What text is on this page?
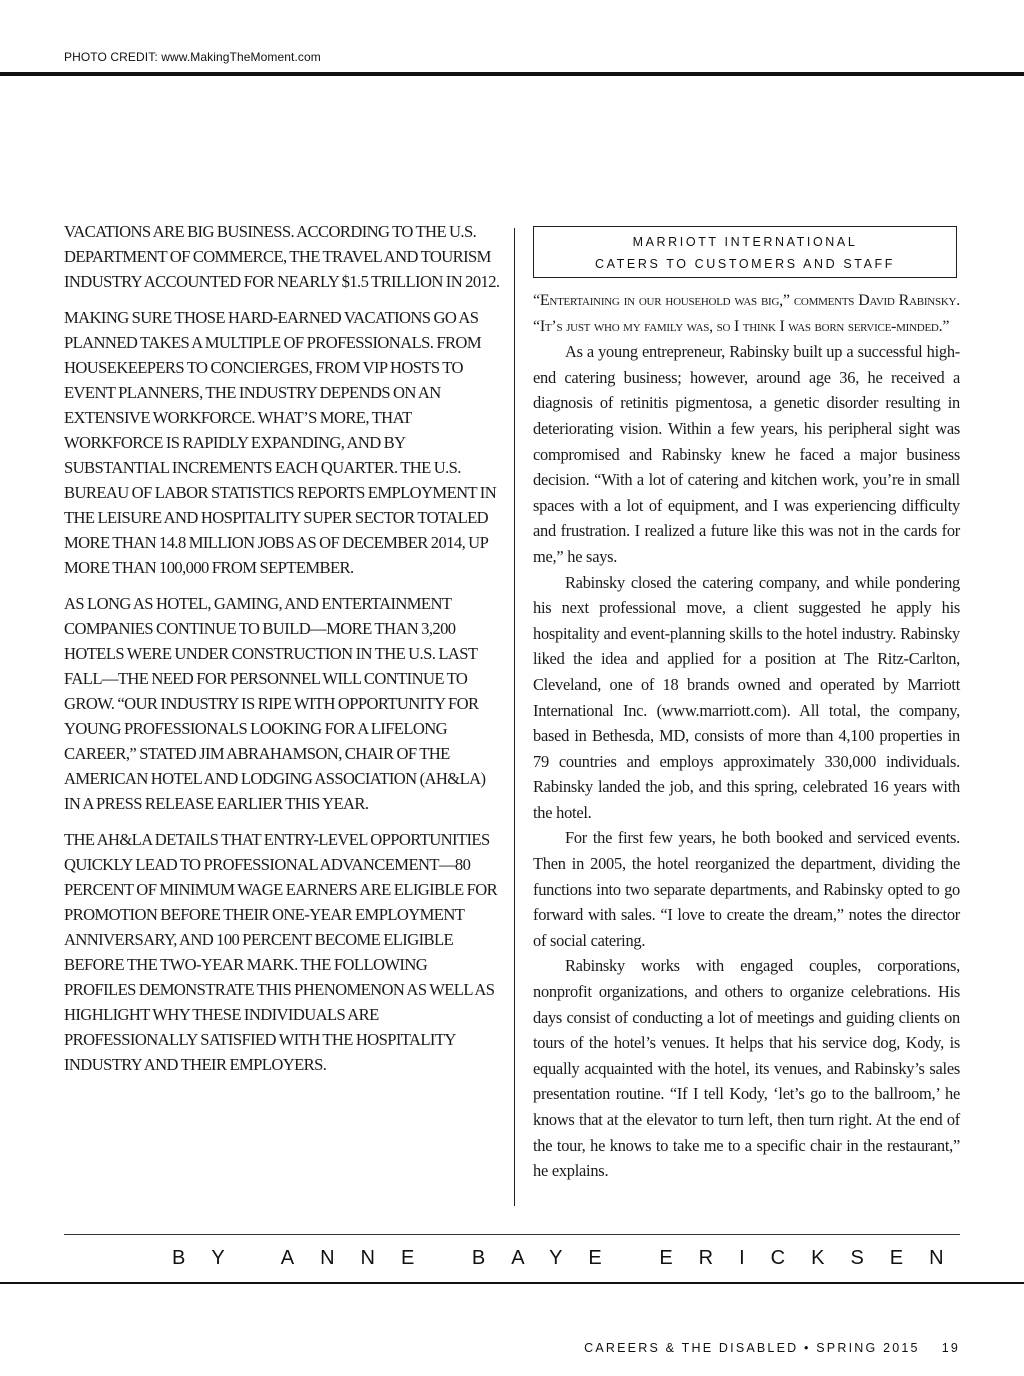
PHOTO CREDIT: www.MakingTheMoment.com

VACATIONS ARE BIG BUSINESS. ACCORDING TO THE U.S. DEPARTMENT OF COMMERCE, THE TRAVEL AND TOURISM INDUSTRY ACCOUNTED FOR NEARLY $1.5 TRILLION IN 2012.

MAKING SURE THOSE HARD-EARNED VACATIONS GO AS PLANNED TAKES A MULTIPLE OF PROFESSIONALS. FROM HOUSEKEEPERS TO CONCIERGES, FROM VIP HOSTS TO EVENT PLANNERS, THE INDUSTRY DEPENDS ON AN EXTENSIVE WORKFORCE. WHAT’S MORE, THAT WORKFORCE IS RAPIDLY EXPANDING, AND BY SUBSTANTIAL INCREMENTS EACH QUARTER. THE U.S. BUREAU OF LABOR STATISTICS REPORTS EMPLOYMENT IN THE LEISURE AND HOSPITALITY SUPER SECTOR TOTALED MORE THAN 14.8 MILLION JOBS AS OF DECEMBER 2014, UP MORE THAN 100,000 FROM SEPTEMBER.

AS LONG AS HOTEL, GAMING, AND ENTERTAINMENT COMPANIES CONTINUE TO BUILD—MORE THAN 3,200 HOTELS WERE UNDER CONSTRUCTION IN THE U.S. LAST FALL—THE NEED FOR PERSONNEL WILL CONTINUE TO GROW. “OUR INDUSTRY IS RIPE WITH OPPORTUNITY FOR YOUNG PROFESSIONALS LOOKING FOR A LIFELONG CAREER,” STATED JIM ABRAHAMSON, CHAIR OF THE AMERICAN HOTEL AND LODGING ASSOCIATION (AH&LA) IN A PRESS RELEASE EARLIER THIS YEAR.

THE AH&LA DETAILS THAT ENTRY-LEVEL OPPORTUNITIES QUICKLY LEAD TO PROFESSIONAL ADVANCEMENT—80 PERCENT OF MINIMUM WAGE EARNERS ARE ELIGIBLE FOR PROMOTION BEFORE THEIR ONE-YEAR EMPLOYMENT ANNIVERSARY, AND 100 PERCENT BECOME ELIGIBLE BEFORE THE TWO-YEAR MARK. THE FOLLOWING PROFILES DEMONSTRATE THIS PHENOMENON AS WELL AS HIGHLIGHT WHY THESE INDIVIDUALS ARE PROFESSIONALLY SATISFIED WITH THE HOSPITALITY INDUSTRY AND THEIR EMPLOYERS.

MARRIOTT INTERNATIONAL
CATERS TO CUSTOMERS AND STAFF

“Entertaining in our household was big,” comments David Rabinsky. “It’s just who my family was, so I think I was born service-minded.”

As a young entrepreneur, Rabinsky built up a successful high-end catering business; however, around age 36, he received a diagnosis of retinitis pigmentosa, a genetic disorder resulting in deteriorating vision. Within a few years, his peripheral sight was compromised and Rabinsky knew he faced a major business decision. “With a lot of catering and kitchen work, you’re in small spaces with a lot of equipment, and I was experiencing difficulty and frustration. I realized a future like this was not in the cards for me,” he says.

Rabinsky closed the catering company, and while pondering his next professional move, a client suggested he apply his hospitality and event-planning skills to the hotel industry. Rabinsky liked the idea and applied for a position at The Ritz-Carlton, Cleveland, one of 18 brands owned and operated by Marriott International Inc. (www.marriott.com). All total, the company, based in Bethesda, MD, consists of more than 4,100 properties in 79 countries and employs approximately 330,000 individuals. Rabinsky landed the job, and this spring, celebrated 16 years with the hotel.

For the first few years, he both booked and serviced events. Then in 2005, the hotel reorganized the department, dividing the functions into two separate departments, and Rabinsky opted to go forward with sales. “I love to create the dream,” notes the director of social catering.

Rabinsky works with engaged couples, corporations, nonprofit organizations, and others to organize celebrations. His days consist of conducting a lot of meetings and guiding clients on tours of the hotel’s venues. It helps that his service dog, Kody, is equally acquainted with the hotel, its venues, and Rabinsky’s sales presentation routine. “If I tell Kody, ‘let’s go to the ballroom,’ he knows that at the elevator to turn left, then turn right. At the end of the tour, he knows to take me to a specific chair in the restaurant,” he explains.

BY ANNE BAYE ERICKSEN
CAREERS & THE DISABLED • SPRING 2015 19
